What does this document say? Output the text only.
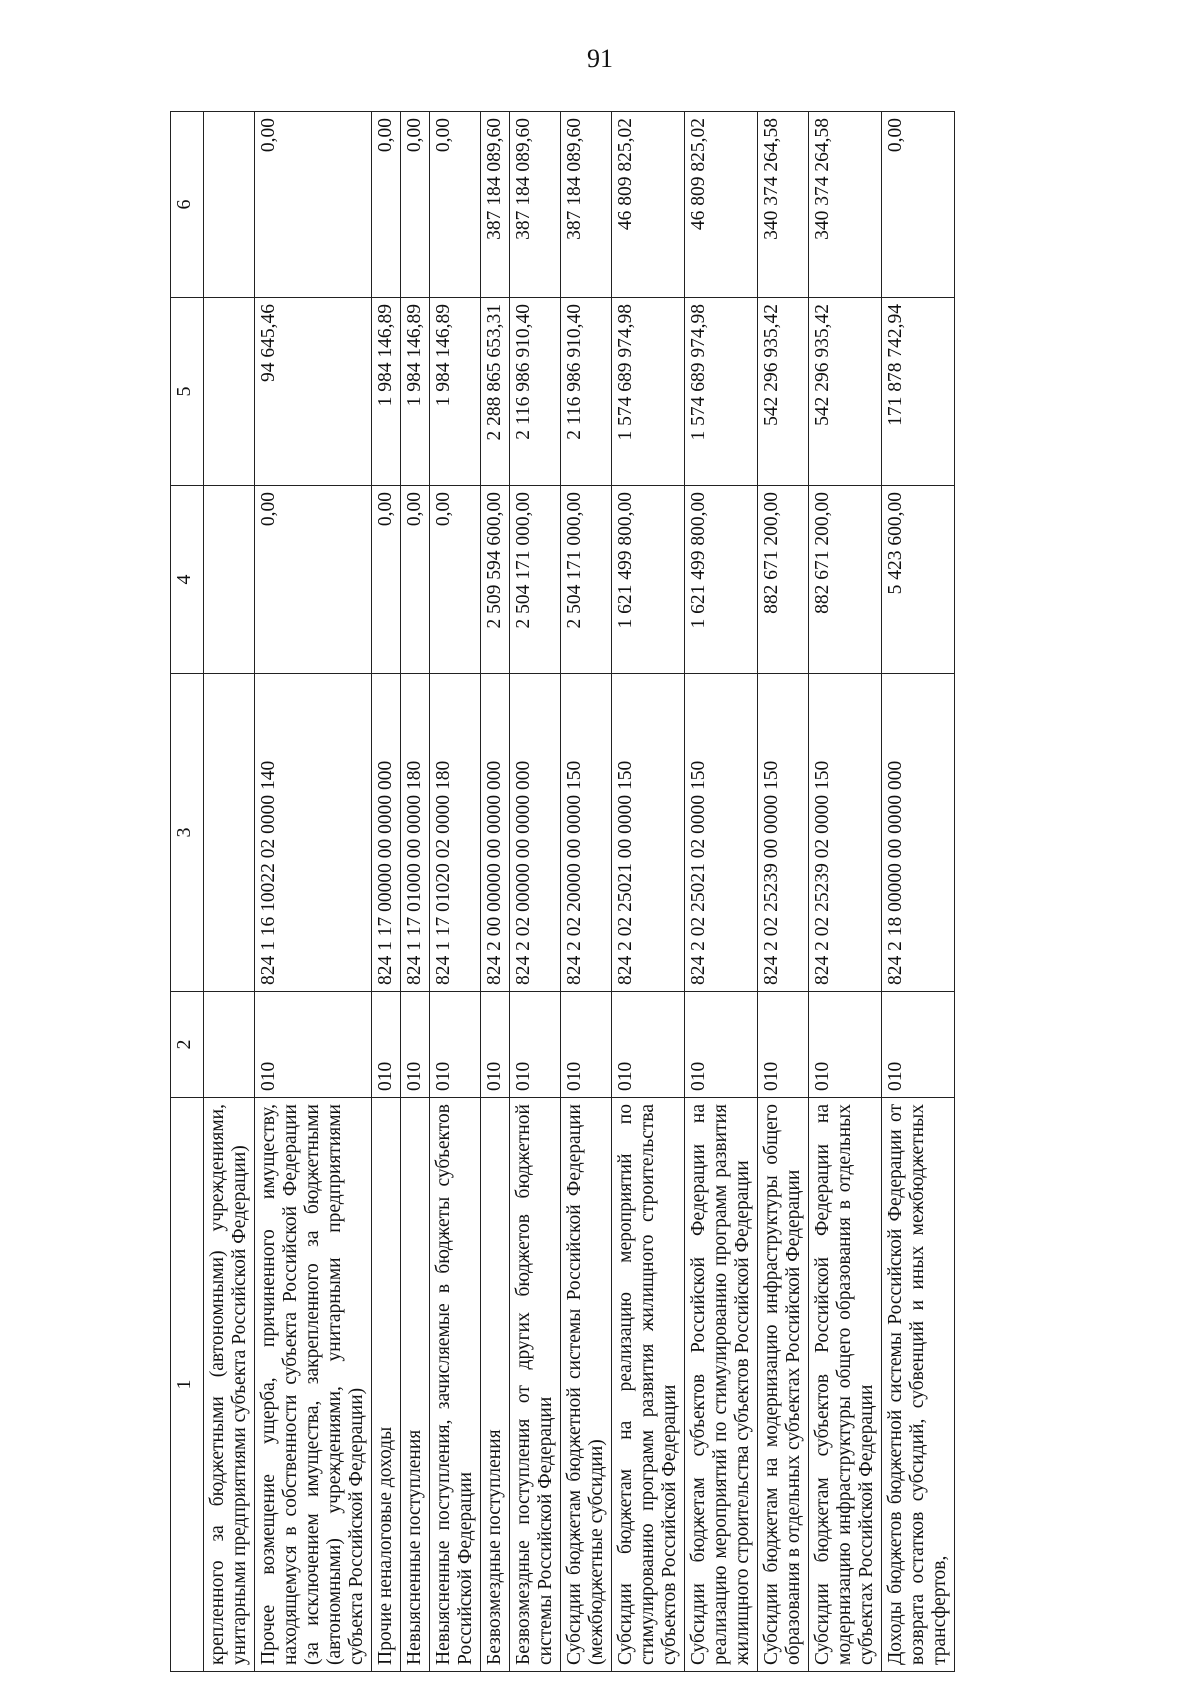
91
1	2	3	4	5	6
крепленного за бюджетными (автономными) учреждениями, унитарными предприятиями субъекта Российской Федерации)					
Прочее возмещение ущерба, причиненного имуществу, находящемуся в собственности субъекта Российской Федерации (за исключением имущества, закрепленного за бюджетными (автономными) учреждениями, унитарными предприятиями субъекта Российской Федерации)	010	824 1 16 10022 02 0000 140	0,00	94 645,46	0,00
Прочие неналоговые доходы	010	824 1 17 00000 00 0000 000	0,00	1 984 146,89	0,00
Невыясненные поступления	010	824 1 17 01000 00 0000 180	0,00	1 984 146,89	0,00
Невыясненные поступления, зачисляемые в бюджеты субъектов Российской Федерации	010	824 1 17 01020 02 0000 180	0,00	1 984 146,89	0,00
Безвозмездные поступления	010	824 2 00 00000 00 0000 000	2 509 594 600,00	2 288 865 653,31	387 184 089,60
Безвозмездные поступления от других бюджетов бюджетной системы Российской Федерации	010	824 2 02 00000 00 0000 000	2 504 171 000,00	2 116 986 910,40	387 184 089,60
Субсидии бюджетам бюджетной системы Российской Федерации (межбюджетные субсидии)	010	824 2 02 20000 00 0000 150	2 504 171 000,00	2 116 986 910,40	387 184 089,60
Субсидии бюджетам на реализацию мероприятий по стимулированию программ развития жилищного строительства субъектов Российской Федерации	010	824 2 02 25021 00 0000 150	1 621 499 800,00	1 574 689 974,98	46 809 825,02
Субсидии бюджетам субъектов Российской Федерации на реализацию мероприятий по стимулированию программ развития жилищного строительства субъектов Российской Федерации	010	824 2 02 25021 02 0000 150	1 621 499 800,00	1 574 689 974,98	46 809 825,02
Субсидии бюджетам на модернизацию инфраструктуры общего образования в отдельных субъектах Российской Федерации	010	824 2 02 25239 00 0000 150	882 671 200,00	542 296 935,42	340 374 264,58
Субсидии бюджетам субъектов Российской Федерации на модернизацию инфраструктуры общего образования в отдельных субъектах Российской Федерации	010	824 2 02 25239 02 0000 150	882 671 200,00	542 296 935,42	340 374 264,58
Доходы бюджетов бюджетной системы Российской Федерации от возврата остатков субсидий, субвенций и иных межбюджетных трансфертов,	010	824 2 18 00000 00 0000 000	5 423 600,00	171 878 742,94	0,00
